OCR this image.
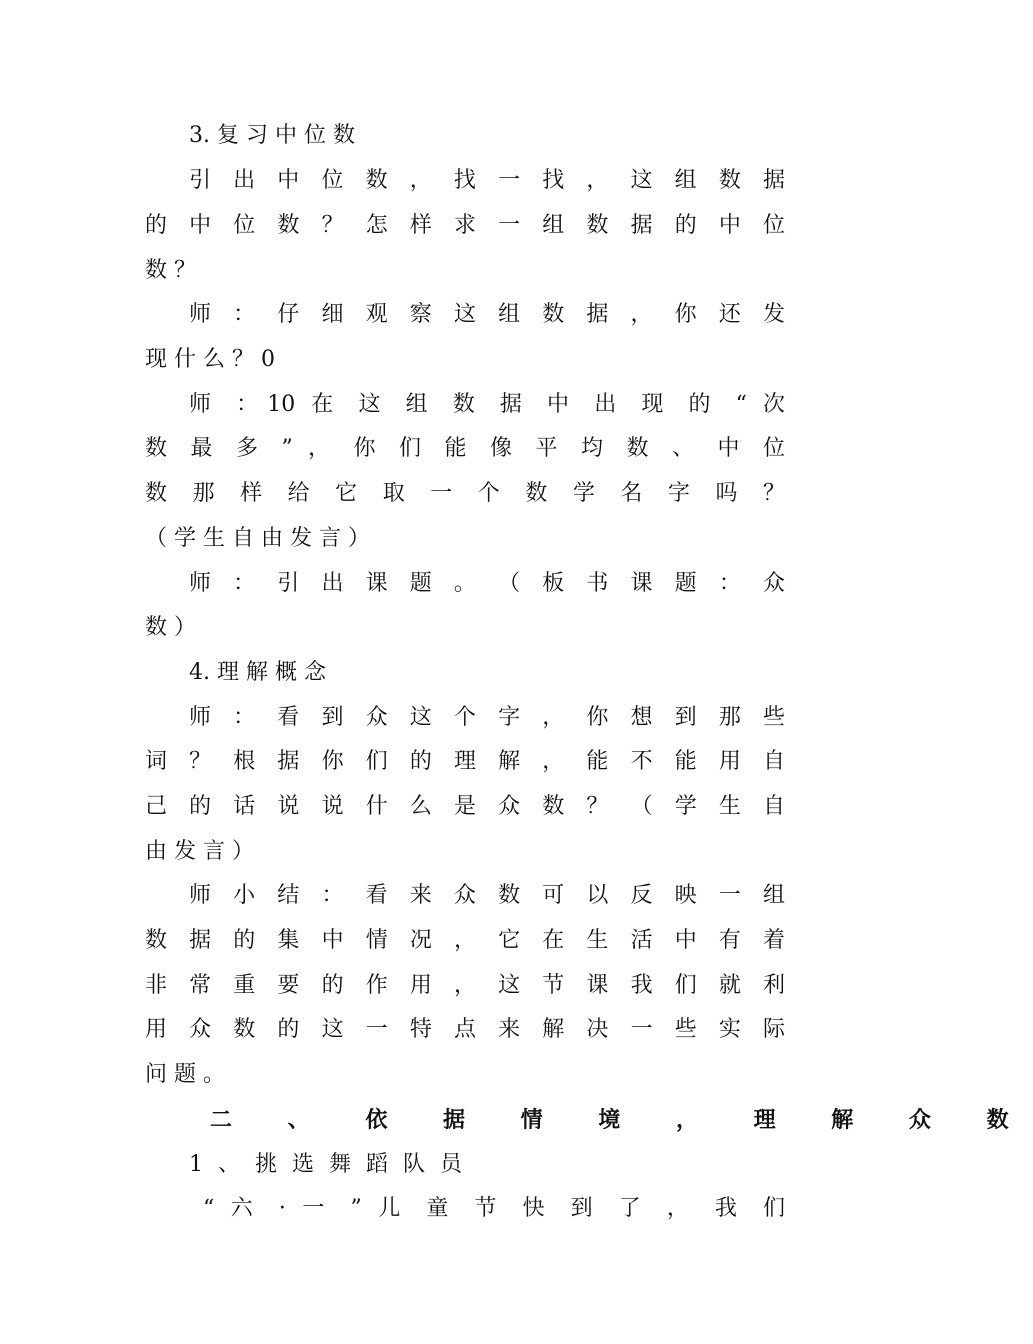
3. 复 习 中 位 数
引 出 中 位 数 ， 找 一 找 ， 这 组 数 据
的 中 位 数 ？ 怎 样 求 一 组 数 据 的 中 位
数 ？
师 ： 仔 细 观 察 这 组 数 据 ， 你 还 发
现 什 么 ？ 0
师 ：10 在 这 组 数 据 中 出 现 的 “ 次
数 最 多 ” ， 你 们 能 像 平 均 数 、 中 位
数 那 样 给 它 取 一 个 数 学 名 字 吗 ？
（ 学 生 自 由 发 言 ）
师 ： 引 出 课 题 。 （ 板 书 课 题 ： 众
数 ）
4. 理 解 概 念
师 ： 看 到 众 这 个 字 ， 你 想 到 那 些
词 ？ 根 据 你 们 的 理 解 ， 能 不 能 用 自
己 的 话 说 说 什 么 是 众 数 ？ （ 学 生 自
由 发 言 ）
师 小 结 ： 看 来 众 数 可 以 反 映 一 组
数 据 的 集 中 情 况 ， 它 在 生 活 中 有 着
非 常 重 要 的 作 用 ， 这 节 课 我 们 就 利
用 众 数 的 这 一 特 点 来 解 决 一 些 实 际
问 题 。
二 、 依 据 情 境 ， 理 解 众 数
1 、 挑 选 舞 蹈 队 员
“ 六 · 一 ” 儿 童 节 快 到 了 ， 我 们
